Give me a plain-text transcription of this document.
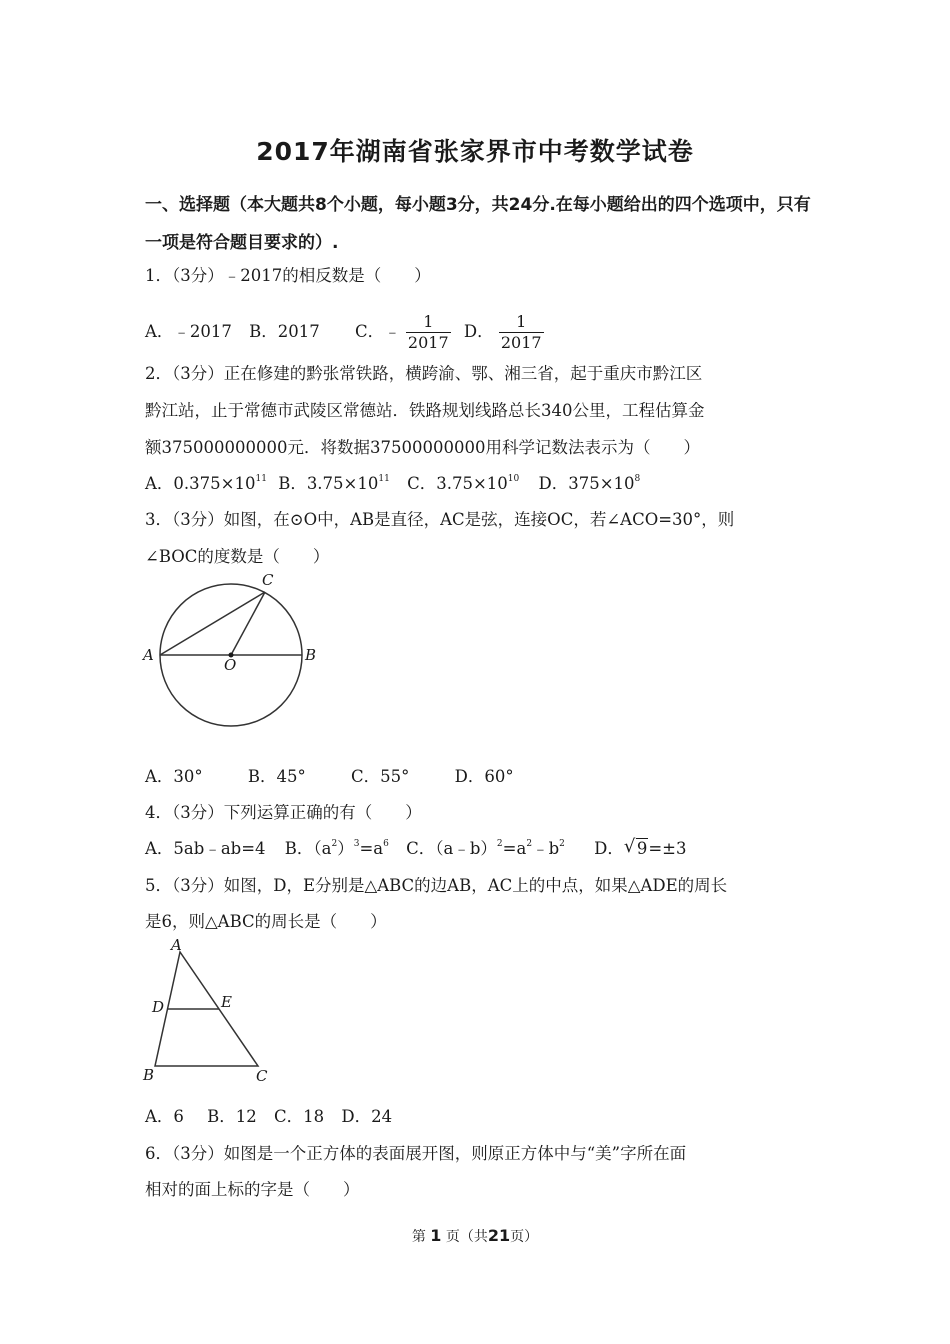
2017年湖南省张家界市中考数学试卷
一、选择题（本大题共8个小题，每小题3分，共24分.在每小题给出的四个选项中，只有一项是符合题目要求的）.
1．（3分）﹣2017的相反数是（　　）
A．﹣2017 B．2017 C．﹣ $\frac{1}{2017}$ D． $\frac{1}{2017}$
2．（3分）正在修建的黔张常铁路，横跨渝、鄂、湘三省，起于重庆市黔江区
黔江站，止于常德市武陵区常德站．铁路规划线路总长340公里，工程估算金
额375000000000元．将数据37500000000用科学记数法表示为（　　）
A．$0.375\times 10^{11}$ B．$3.75\times 10^{11}$ C．$3.75\times 10^{10}$ D．$375\times 10^8$
3．（3分）如图，在⊙O中，AB是直径，AC是弦，连接OC，若∠ACO=30°，则
∠BOC的度数是（　　）
A	B
C
O
A．30°	B．45°	C．55°	D．60°
4．（3分）下列运算正确的有（　　）
A．5ab﹣ab=4 B．$(a^2)^3=a^6$ C．$(a﹣b)^2=a^2﹣b^2$ D． √ 9=±3
5．（3分）如图，D，E分别是△ABC的边AB，AC上的中点，如果△ADE的周长
是6，则△ABC的周长是（　　）
A
B	C
D	E
A．6 B．12 C．18 D．24
6．（3分）如图是一个正方体的表面展开图，则原正方体中与“美”字所在面
相对的面上标的字是（　　）
第 1 页（共21页）
